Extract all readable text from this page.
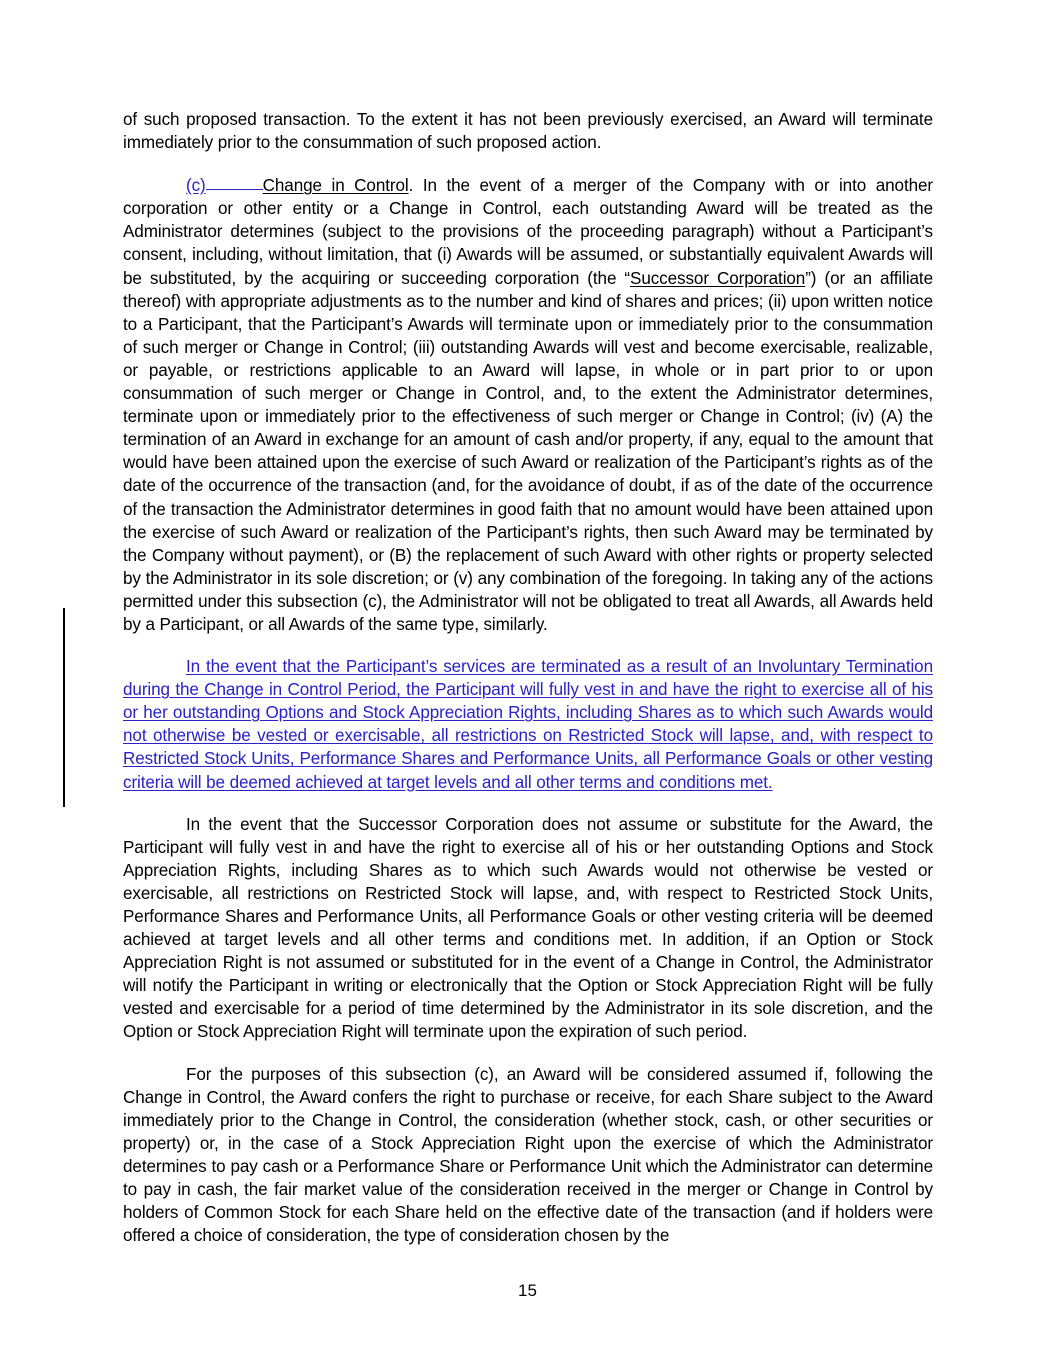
of such proposed transaction. To the extent it has not been previously exercised, an Award will terminate immediately prior to the consummation of such proposed action.

(c)	Change in Control. In the event of a merger of the Company with or into another corporation or other entity or a Change in Control, each outstanding Award will be treated as the Administrator determines (subject to the provisions of the proceeding paragraph) without a Participant’s consent, including, without limitation, that (i) Awards will be assumed, or substantially equivalent Awards will be substituted, by the acquiring or succeeding corporation (the “Successor Corporation”) (or an affiliate thereof) with appropriate adjustments as to the number and kind of shares and prices; (ii) upon written notice to a Participant, that the Participant’s Awards will terminate upon or immediately prior to the consummation of such merger or Change in Control; (iii) outstanding Awards will vest and become exercisable, realizable, or payable, or restrictions applicable to an Award will lapse, in whole or in part prior to or upon consummation of such merger or Change in Control, and, to the extent the Administrator determines, terminate upon or immediately prior to the effectiveness of such merger or Change in Control; (iv) (A) the termination of an Award in exchange for an amount of cash and/or property, if any, equal to the amount that would have been attained upon the exercise of such Award or realization of the Participant’s rights as of the date of the occurrence of the transaction (and, for the avoidance of doubt, if as of the date of the occurrence of the transaction the Administrator determines in good faith that no amount would have been attained upon the exercise of such Award or realization of the Participant’s rights, then such Award may be terminated by the Company without payment), or (B) the replacement of such Award with other rights or property selected by the Administrator in its sole discretion; or (v) any combination of the foregoing. In taking any of the actions permitted under this subsection (c), the Administrator will not be obligated to treat all Awards, all Awards held by a Participant, or all Awards of the same type, similarly.

In the event that the Participant’s services are terminated as a result of an Involuntary Termination during the Change in Control Period, the Participant will fully vest in and have the right to exercise all of his or her outstanding Options and Stock Appreciation Rights, including Shares as to which such Awards would not otherwise be vested or exercisable, all restrictions on Restricted Stock will lapse, and, with respect to Restricted Stock Units, Performance Shares and Performance Units, all Performance Goals or other vesting criteria will be deemed achieved at target levels and all other terms and conditions met.

In the event that the Successor Corporation does not assume or substitute for the Award, the Participant will fully vest in and have the right to exercise all of his or her outstanding Options and Stock Appreciation Rights, including Shares as to which such Awards would not otherwise be vested or exercisable, all restrictions on Restricted Stock will lapse, and, with respect to Restricted Stock Units, Performance Shares and Performance Units, all Performance Goals or other vesting criteria will be deemed achieved at target levels and all other terms and conditions met. In addition, if an Option or Stock Appreciation Right is not assumed or substituted for in the event of a Change in Control, the Administrator will notify the Participant in writing or electronically that the Option or Stock Appreciation Right will be fully vested and exercisable for a period of time determined by the Administrator in its sole discretion, and the Option or Stock Appreciation Right will terminate upon the expiration of such period.

For the purposes of this subsection (c), an Award will be considered assumed if, following the Change in Control, the Award confers the right to purchase or receive, for each Share subject to the Award immediately prior to the Change in Control, the consideration (whether stock, cash, or other securities or property) or, in the case of a Stock Appreciation Right upon the exercise of which the Administrator determines to pay cash or a Performance Share or Performance Unit which the Administrator can determine to pay in cash, the fair market value of the consideration received in the merger or Change in Control by holders of Common Stock for each Share held on the effective date of the transaction (and if holders were offered a choice of consideration, the type of consideration chosen by the

15
